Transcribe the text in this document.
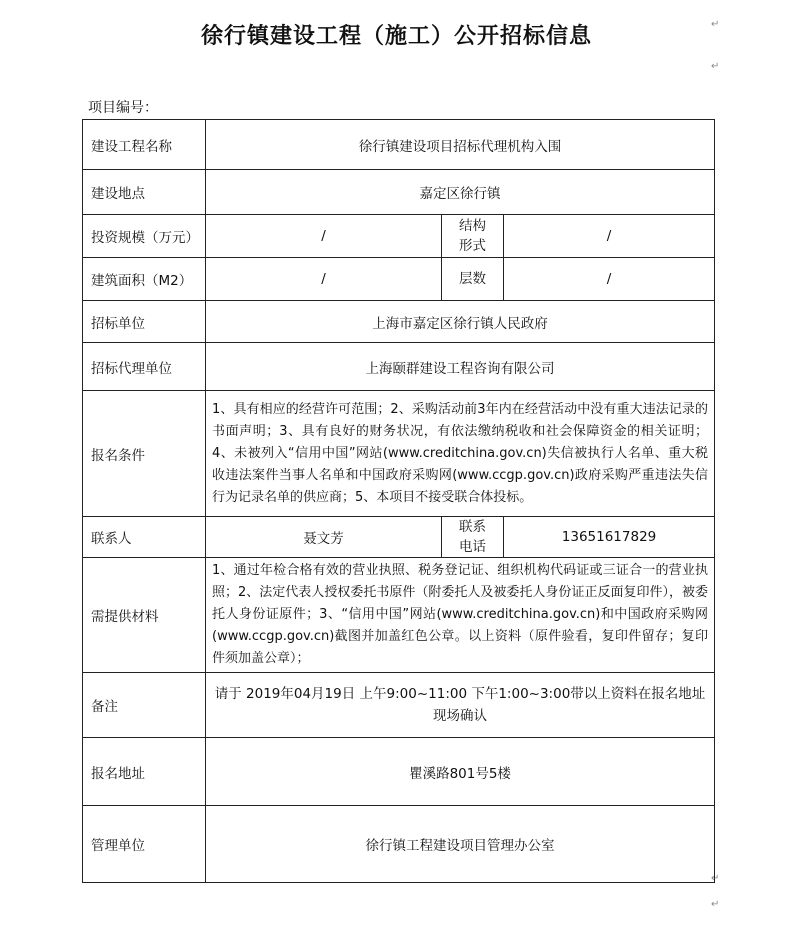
徐行镇建设工程（施工）公开招标信息	↵
↵
↵
↵
项目编号：
建设工程名称	徐行镇建设项目招标代理机构入围		
建设地点	嘉定区徐行镇		
投资规模（万元）	/	结构形式	/
建筑面积（M2）	/	层数	/
招标单位	上海市嘉定区徐行镇人民政府		
招标代理单位	上海颐群建设工程咨询有限公司		
报名条件	1、具有相应的经营许可范围；2、采购活动前3年内在经营活动中没有重大违法记录的书面声明；3、具有良好的财务状况，有依法缴纳税收和社会保障资金的相关证明；4、未被列入“信用中国”网站(www.creditchina.gov.cn)失信被执行人名单、重大税收违法案件当事人名单和中国政府采购网(www.ccgp.gov.cn)政府采购严重违法失信行为记录名单的供应商；5、本项目不接受联合体投标。		
联系人	聂文芳	联系电话	13651617829
需提供材料	1、通过年检合格有效的营业执照、税务登记证、组织机构代码证或三证合一的营业执照；2、法定代表人授权委托书原件（附委托人及被委托人身份证正反面复印件），被委托人身份证原件；3、“信用中国”网站(www.creditchina.gov.cn)和中国政府采购网(www.ccgp.gov.cn)截图并加盖红色公章。以上资料（原件验看，复印件留存；复印件须加盖公章）；		
备注	请于 2019年04月19日 上午9:00~11:00 下午1:00~3:00带以上资料在报名地址现场确认		
报名地址	瞿溪路801号5楼		
管理单位	徐行镇工程建设项目管理办公室		
